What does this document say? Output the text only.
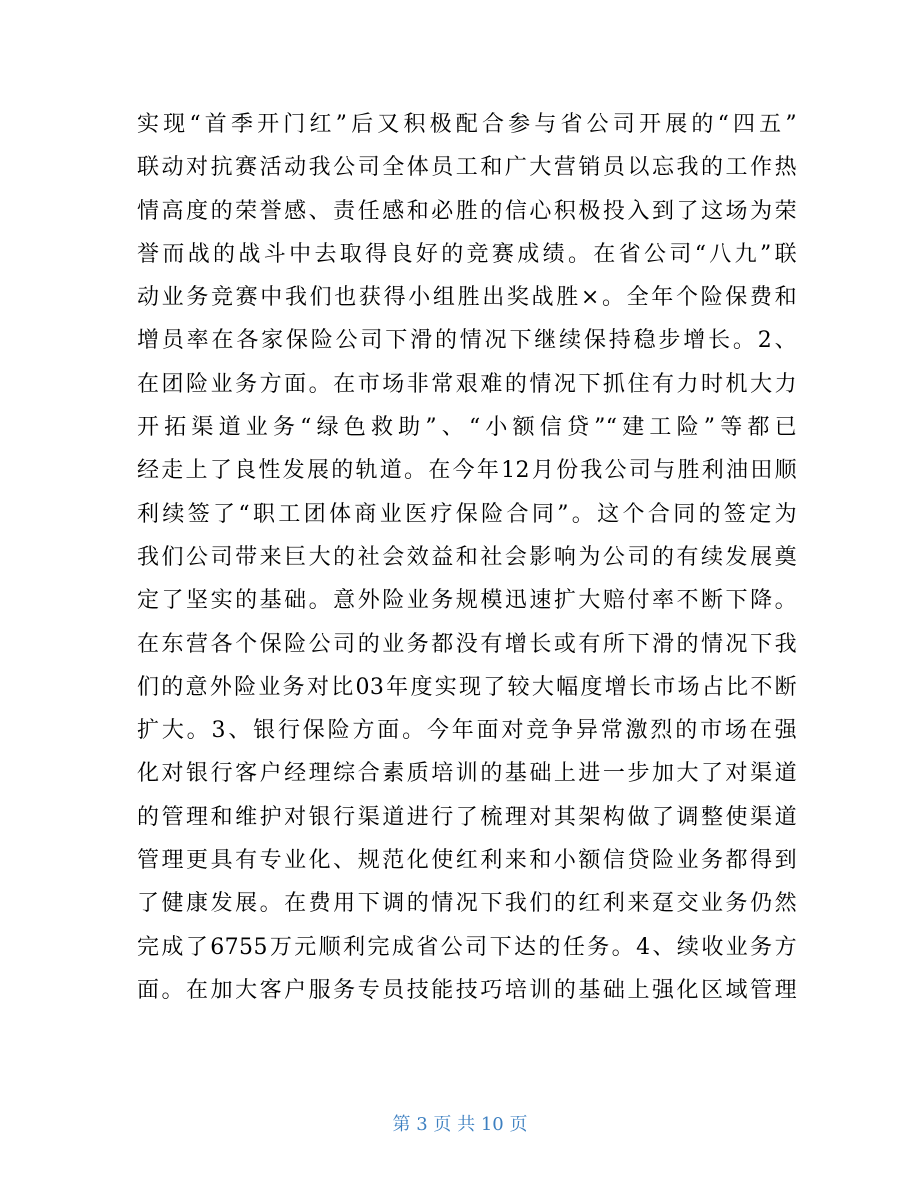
实现“首季开门红”后又积极配合参与省公司开展的“四五”
联动对抗赛活动我公司全体员工和广大营销员以忘我的工作热
情高度的荣誉感、责任感和必胜的信心积极投入到了这场为荣
誉而战的战斗中去取得良好的竞赛成绩。在省公司“八九”联
动业务竞赛中我们也获得小组胜出奖战胜×。全年个险保费和
增员率在各家保险公司下滑的情况下继续保持稳步增长。2、
在团险业务方面。在市场非常艰难的情况下抓住有力时机大力
开拓渠道业务“绿色救助”、“小额信贷”“建工险”等都已
经走上了良性发展的轨道。在今年12月份我公司与胜利油田顺
利续签了“职工团体商业医疗保险合同”。这个合同的签定为
我们公司带来巨大的社会效益和社会影响为公司的有续发展奠
定了坚实的基础。意外险业务规模迅速扩大赔付率不断下降。
在东营各个保险公司的业务都没有增长或有所下滑的情况下我
们的意外险业务对比03年度实现了较大幅度增长市场占比不断
扩大。3、银行保险方面。今年面对竞争异常激烈的市场在强
化对银行客户经理综合素质培训的基础上进一步加大了对渠道
的管理和维护对银行渠道进行了梳理对其架构做了调整使渠道
管理更具有专业化、规范化使红利来和小额信贷险业务都得到
了健康发展。在费用下调的情况下我们的红利来趸交业务仍然
完成了6755万元顺利完成省公司下达的任务。4、续收业务方
面。在加大客户服务专员技能技巧培训的基础上强化区域管理
第 3 页 共 10 页
